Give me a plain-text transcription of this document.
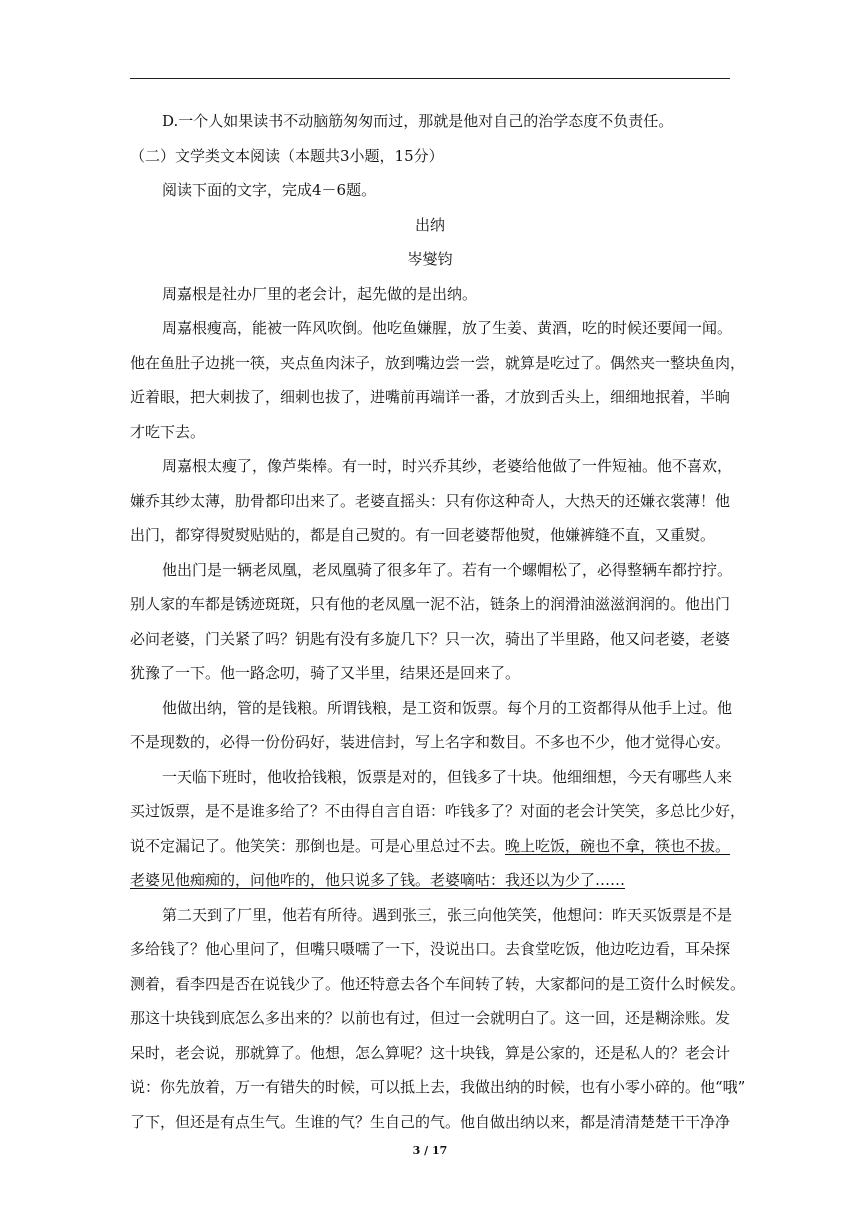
D.一个人如果读书不动脑筋匆匆而过，那就是他对自己的治学态度不负责任。
（二）文学类文本阅读（本题共3小题，15分）
阅读下面的文字，完成4－6题。
出纳
岑燮钧
周嘉根是社办厂里的老会计，起先做的是出纳。
周嘉根瘦高，能被一阵风吹倒。他吃鱼嫌腥，放了生姜、黄酒，吃的时候还要闻一闻。
他在鱼肚子边挑一筷，夹点鱼肉沫子，放到嘴边尝一尝，就算是吃过了。偶然夹一整块鱼肉，
近着眼，把大刺拔了，细刺也拔了，进嘴前再端详一番，才放到舌头上，细细地抿着，半晌
才吃下去。
周嘉根太瘦了，像芦柴棒。有一时，时兴乔其纱，老婆给他做了一件短袖。他不喜欢，
嫌乔其纱太薄，肋骨都印出来了。老婆直摇头：只有你这种奇人，大热天的还嫌衣裳薄！他
出门，都穿得熨熨贴贴的，都是自己熨的。有一回老婆帮他熨，他嫌裤缝不直，又重熨。
他出门是一辆老凤凰，老凤凰骑了很多年了。若有一个螺帽松了，必得整辆车都拧拧。
别人家的车都是锈迹斑斑，只有他的老凤凰一泥不沾，链条上的润滑油滋滋润润的。他出门
必问老婆，门关紧了吗？钥匙有没有多旋几下？只一次，骑出了半里路，他又问老婆，老婆
犹豫了一下。他一路念叨，骑了又半里，结果还是回来了。
他做出纳，管的是钱粮。所谓钱粮，是工资和饭票。每个月的工资都得从他手上过。他
不是现数的，必得一份份码好，装进信封，写上名字和数目。不多也不少，他才觉得心安。
一天临下班时，他收拾钱粮，饭票是对的，但钱多了十块。他细细想，今天有哪些人来
买过饭票，是不是谁多给了？不由得自言自语：咋钱多了？对面的老会计笑笑，多总比少好，
说不定漏记了。他笑笑：那倒也是。可是心里总过不去。晚上吃饭，碗也不拿，筷也不拔。
老婆见他痴痴的，问他咋的，他只说多了钱。老婆嘀咕：我还以为少了……
第二天到了厂里，他若有所待。遇到张三，张三向他笑笑，他想问：昨天买饭票是不是
多给钱了？他心里问了，但嘴只嗫嚅了一下，没说出口。去食堂吃饭，他边吃边看，耳朵探
测着，看李四是否在说钱少了。他还特意去各个车间转了转，大家都问的是工资什么时候发。
那这十块钱到底怎么多出来的？以前也有过，但过一会就明白了。这一回，还是糊涂账。发
呆时，老会说，那就算了。他想，怎么算呢？这十块钱，算是公家的，还是私人的？老会计
说：你先放着，万一有错失的时候，可以抵上去，我做出纳的时候，也有小零小碎的。他“哦”
了下，但还是有点生气。生谁的气？生自己的气。他自做出纳以来，都是清清楚楚干干净净
3 / 17
